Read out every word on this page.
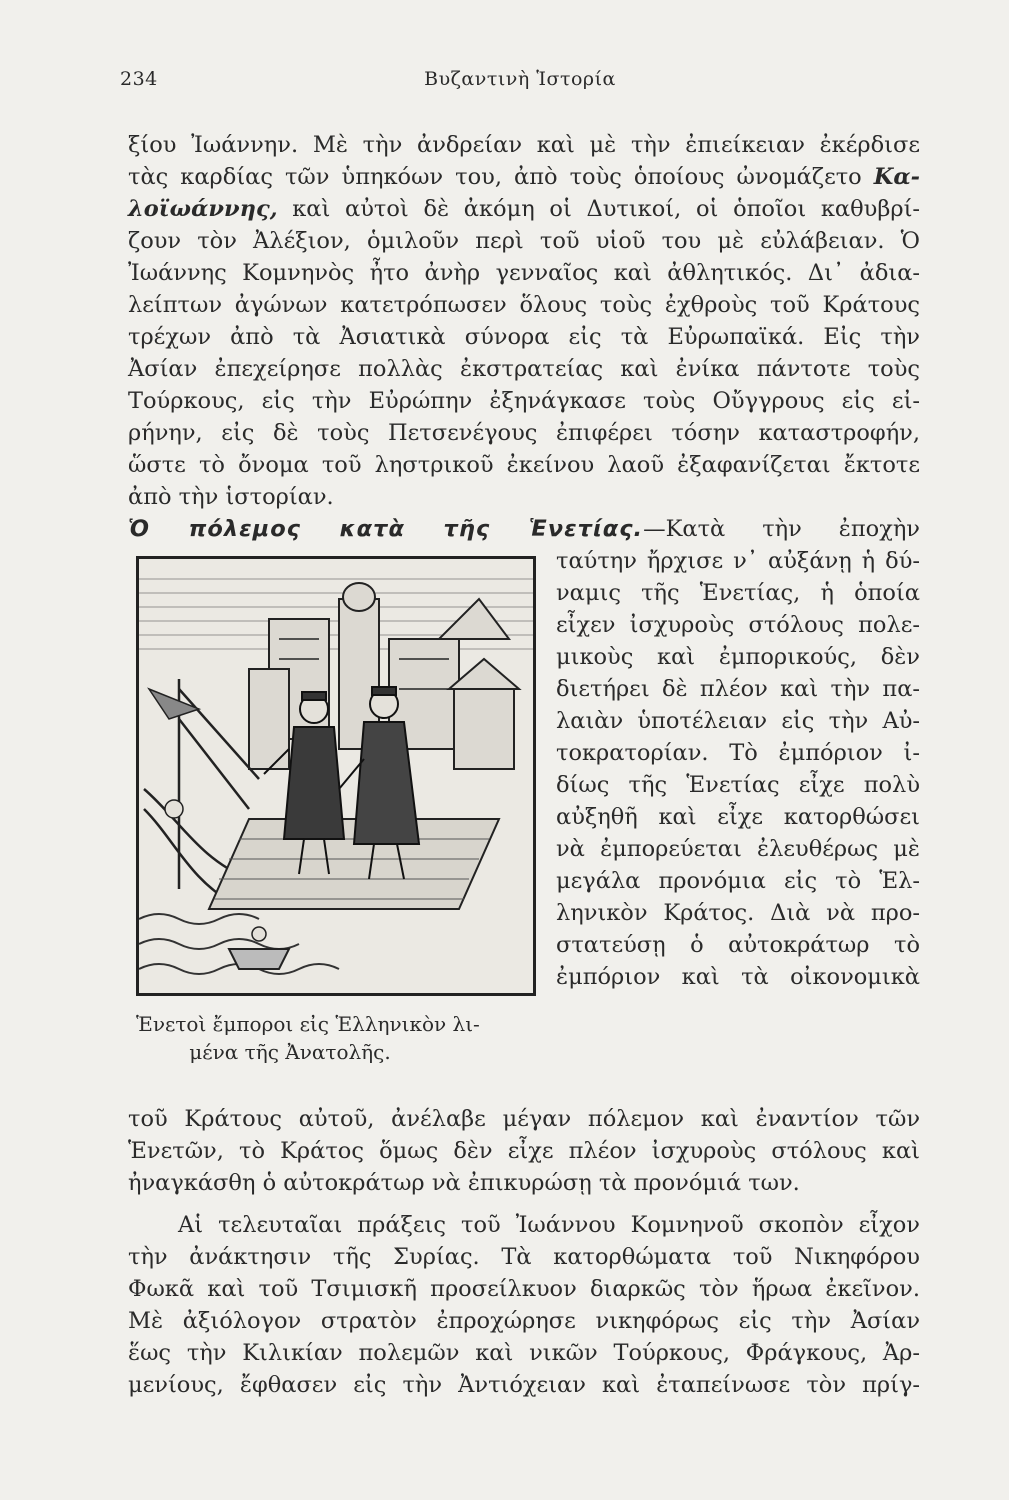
234	Βυζαντινὴ Ἱστορία
ξίου Ἰωάννην. Μὲ τὴν ἀνδρείαν καὶ μὲ τὴν ἐπιείκειαν ἐκέρδισε
τὰς καρδίας τῶν ὑπηκόων του, ἀπὸ τοὺς ὁποίους ὠνομάζετο Κα-
λοϊωάννης, καὶ αὐτοὶ δὲ ἀκόμη οἱ Δυτικοί, οἱ ὁποῖοι καθυβρί-
ζουν τὸν Ἀλέξιον, ὁμιλοῦν περὶ τοῦ υἱοῦ του μὲ εὐλάβειαν. Ὁ
Ἰωάννης Κομνηνὸς ἦτο ἀνὴρ γενναῖος καὶ ἀθλητικός. Δι᾿ ἀδια-
λείπτων ἀγώνων κατετρόπωσεν ὅλους τοὺς ἐχθροὺς τοῦ Κράτους
τρέχων ἀπὸ τὰ Ἀσιατικὰ σύνορα εἰς τὰ Εὐρωπαϊκά. Εἰς τὴν
Ἀσίαν ἐπεχείρησε πολλὰς ἐκστρατείας καὶ ἐνίκα πάντοτε τοὺς
Τούρκους, εἰς τὴν Εὐρώπην ἐξηνάγκασε τοὺς Οὔγγρους εἰς εἰ-
ρήνην, εἰς δὲ τοὺς Πετσενέγους ἐπιφέρει τόσην καταστροφήν,
ὥστε τὸ ὄνομα τοῦ ληστρικοῦ ἐκείνου λαοῦ ἐξαφανίζεται ἔκτοτε
ἀπὸ τὴν ἱστορίαν.
Ὁ πόλεμος κατὰ τῆς Ἑνετίας.—Κατὰ τὴν ἐποχὴν
ταύτην ἤρχισε ν᾿ αὐξάνῃ ἡ δύ-
ναμις τῆς Ἑνετίας, ἡ ὁποία
εἶχεν ἰσχυροὺς στόλους πολε-
μικοὺς καὶ ἐμπορικούς, δὲν
διετήρει δὲ πλέον καὶ τὴν πα-
λαιὰν ὑποτέλειαν εἰς τὴν Αὐ-
τοκρατορίαν. Τὸ ἐμπόριον ἰ-
δίως τῆς Ἑνετίας εἶχε πολὺ
αὐξηθῆ καὶ εἶχε κατορθώσει
νὰ ἐμπορεύεται ἐλευθέρως μὲ
μεγάλα προνόμια εἰς τὸ Ἑλ-
ληνικὸν Κράτος. Διὰ νὰ προ-
στατεύσῃ ὁ αὐτοκράτωρ τὸ
ἐμπόριον καὶ τὰ οἰκονομικὰ
Ἑνετοὶ ἔμποροι εἰς Ἑλληνικὸν λι-
μένα τῆς Ἀνατολῆς.
τοῦ Κράτους αὐτοῦ, ἀνέλαβε μέγαν πόλεμον καὶ ἐναντίον τῶν
Ἑνετῶν, τὸ Κράτος ὅμως δὲν εἶχε πλέον ἰσχυροὺς στόλους καὶ
ἠναγκάσθη ὁ αὐτοκράτωρ νὰ ἐπικυρώσῃ τὰ προνόμιά των.
Αἱ τελευταῖαι πράξεις τοῦ Ἰωάννου Κομνηνοῦ σκοπὸν εἶχον
τὴν ἀνάκτησιν τῆς Συρίας. Τὰ κατορθώματα τοῦ Νικηφόρου
Φωκᾶ καὶ τοῦ Τσιμισκῆ προσείλκυον διαρκῶς τὸν ἥρωα ἐκεῖνον.
Μὲ ἀξιόλογον στρατὸν ἐπροχώρησε νικηφόρως εἰς τὴν Ἀσίαν
ἕως τὴν Κιλικίαν πολεμῶν καὶ νικῶν Τούρκους, Φράγκους, Ἀρ-
μενίους, ἔφθασεν εἰς τὴν Ἀντιόχειαν καὶ ἐταπείνωσε τὸν πρίγ-
